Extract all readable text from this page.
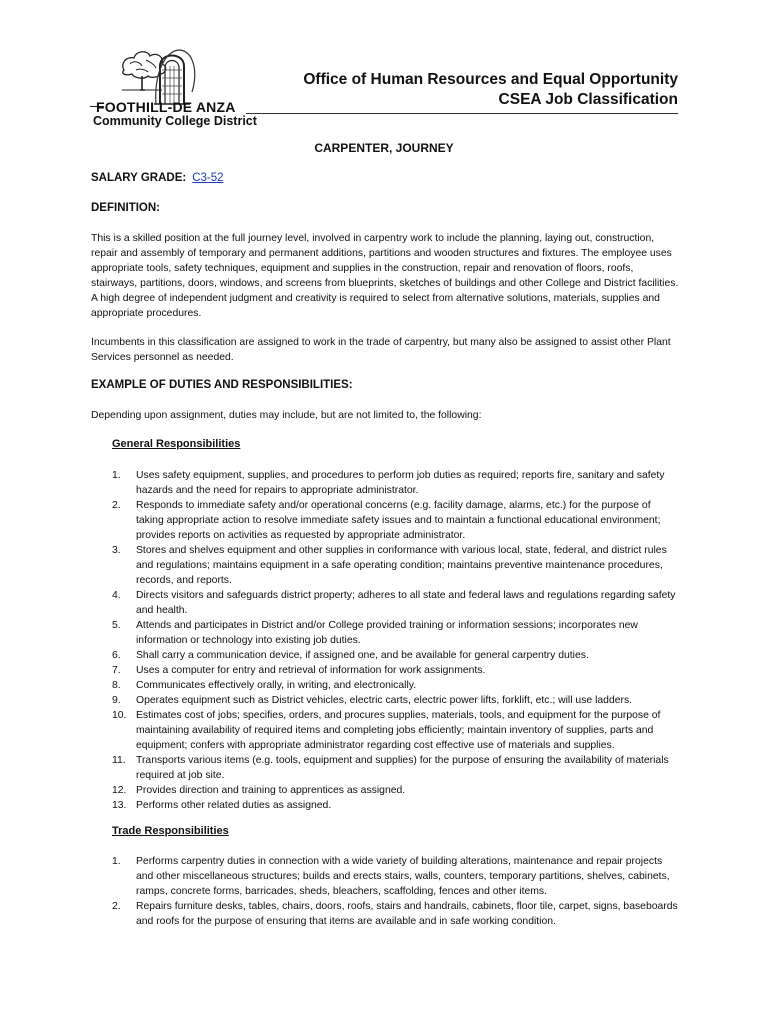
FOOTHILL-DE ANZA
Community College District
Office of Human Resources and Equal Opportunity
CSEA Job Classification
CARPENTER, JOURNEY
SALARY GRADE: C3-52
DEFINITION:

This is a skilled position at the full journey level, involved in carpentry work to include the planning, laying out, construction, repair and assembly of temporary and permanent additions, partitions and wooden structures and fixtures. The employee uses appropriate tools, safety techniques, equipment and supplies in the construction, repair and renovation of floors, roofs, stairways, partitions, doors, windows, and screens from blueprints, sketches of buildings and other College and District facilities. A high degree of independent judgment and creativity is required to select from alternative solutions, materials, supplies and appropriate procedures.

Incumbents in this classification are assigned to work in the trade of carpentry, but many also be assigned to assist other Plant Services personnel as needed.

EXAMPLE OF DUTIES AND RESPONSIBILITIES:

Depending upon assignment, duties may include, but are not limited to, the following:

General Responsibilities
1.	Uses safety equipment, supplies, and procedures to perform job duties as required; reports fire, sanitary and safety hazards and the need for repairs to appropriate administrator.
2.	Responds to immediate safety and/or operational concerns (e.g. facility damage, alarms, etc.) for the purpose of taking appropriate action to resolve immediate safety issues and to maintain a functional educational environment; provides reports on activities as requested by appropriate administrator.
3.	Stores and shelves equipment and other supplies in conformance with various local, state, federal, and district rules and regulations; maintains equipment in a safe operating condition; maintains preventive maintenance procedures, records, and reports.
4.	Directs visitors and safeguards district property; adheres to all state and federal laws and regulations regarding safety and health.
5.	Attends and participates in District and/or College provided training or information sessions; incorporates new information or technology into existing job duties.
6.	Shall carry a communication device, if assigned one, and be available for general carpentry duties.
7.	Uses a computer for entry and retrieval of information for work assignments.
8.	Communicates effectively orally, in writing, and electronically.
9.	Operates equipment such as District vehicles, electric carts, electric power lifts, forklift, etc.; will use ladders.
10. Estimates cost of jobs; specifies, orders, and procures supplies, materials, tools, and equipment for the purpose of maintaining availability of required items and completing jobs efficiently; maintain inventory of supplies, parts and equipment; confers with appropriate administrator regarding cost effective use of materials and supplies.
11. Transports various items (e.g. tools, equipment and supplies) for the purpose of ensuring the availability of materials required at job site.
12. Provides direction and training to apprentices as assigned.
13. Performs other related duties as assigned.
Trade Responsibilities
1.	Performs carpentry duties in connection with a wide variety of building alterations, maintenance and repair projects and other miscellaneous structures; builds and erects stairs, walls, counters, temporary partitions, shelves, cabinets, ramps, concrete forms, barricades, sheds, bleachers, scaffolding, fences and other items.
2.	Repairs furniture desks, tables, chairs, doors, roofs, stairs and handrails, cabinets, floor tile, carpet, signs, baseboards and roofs for the purpose of ensuring that items are available and in safe working condition.
